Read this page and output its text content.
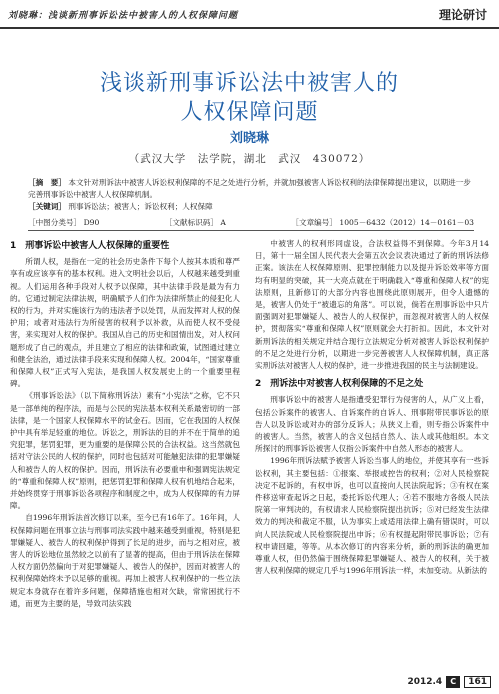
刘晓琳：浅谈新刑事诉讼法中被害人的人权保障问题	理论研讨
浅谈新刑事诉讼法中被害人的
人权保障问题
刘晓琳
（武汉大学　法学院，湖北　武汉　430072）
［摘　要］ 本文针对刑诉法中被害人诉讼权利保障的不足之处进行分析，并就加强被害人诉讼权利的法律保障提出建议，以期进一步完善刑事诉讼中被害人人权保障机制。
［关键词］ 刑事诉讼法；被害人；诉讼权利；人权保障
［中图分类号］ D90	［文献标识码］ A	［文章编号］ 1005－6432（2012）14－0161－03
1　刑事诉讼中被害人人权保障的重要性

所谓人权，是指在一定的社会历史条件下每个人按其本质和尊严享有或应该享有的基本权利。进入文明社会以后，人权越来越受到重视。人们运用各种手段对人权予以保障，其中法律手段是最为有力的。它通过制定法律法规，明确赋予人们作为法律所禁止的侵犯化人权的行为，并对实施该行为的违法者予以处罚，从而发挥对人权的保护用；或者对违法行为所侵害的权利予以补救，从而使人权不受侵害，来实现对人权的保护。我国从自己的历史和国情出发，对人权问题形成了自己的观点，并且建立了相应的法律和政策，试图通过建立和健全法治，通过法律手段来实现和保障人权。2004年，“国家尊重和保障人权”正式写入宪法，是我国人权发展史上的一个重要里程碑。

《刑事诉讼法》（以下简称刑诉法）素有“小宪法”之称，它不只是一部单纯的程序法，而是与公民的宪法基本权利关系最密切的一部法律，是一个国家人权保障水平的试金石。因而，它在我国的人权保护中具有举足轻重的地位。诉讼之，刑诉法的目的并不在于简单的追究犯罪，惩罚犯罪，更为重要的是保障公民的合法权益。这当然就包括对守法公民的人权的保护，同时也包括对可能触犯法律的犯罪嫌疑人和被告人的人权的保护。因而，刑诉法有必要重申和强调宪法规定的“尊重和保障人权”原则，把惩罚犯罪和保障人权有机地结合起来，并始终贯穿于刑事诉讼各项程序和制度之中，成为人权保障的有力屏障。

自1996年刑诉法首次修订以来，至今已有16年了。16年间，人权保障问题在刑事立法与刑事司法实践中越来越受到重视，特别是犯罪嫌疑人、被告人的权利保护得到了长足的进步，而与之相对应，被害人的诉讼地位虽然较之以前有了显著的提高，但由于刑诉法在保障人权方面仍然偏向于对犯罪嫌疑人、被告人的保护，因而对被害人的权利保障始终未予以足够的重视。再加上被害人权利保护的一些立法规定本身就存在着许多问题，保障措施也相对欠缺，常常困扰行不通，而更为主要的是，导致司法实践

中被害人的权利形同虚设，合法权益得不到保障。今年3月14日，第十一届全国人民代表大会第五次会议表决通过了新的刑诉法修正案。该法在人权保障原则、犯罪控制能力以及提升诉讼效率等方面均有明显的突破，其一大亮点就在于明确载入“尊重和保障人权”的宪法原则，且新修订的大部分内容也围绕此原则展开，但令人遗憾的是，被害人仍处于“被遗忘的角落”。可以说，倘若在刑事诉讼中只片面强调对犯罪嫌疑人、被告人的人权保护，而忽视对被害人的人权保护，贯彻落实“尊重和保障人权”原则就会大打折扣。因此，本文针对新刑诉法的相关规定并结合现行立法规定分析对被害人诉讼权利保护的不足之处进行分析，以期进一步完善被害人人权保障机制，真正落实刑诉法对被害人人权的保护，进一步推进我国的民主与法制建设。

2　刑诉法中对被害人权利保障的不足之处

刑事诉讼中的被害人是指遭受犯罪行为侵害的人，从广义上看，包括公诉案件的被害人、自诉案件的自诉人、刑事附带民事诉讼的原告人以及诉讼或对办的部分反诉人；从狭义上看，则专指公诉案件中的被害人。当然，被害人的含义包括自然人、法人或其他组织。本文所探讨的刑事诉讼被害人仅指公诉案件中自然人形态的被害人。

1996年刑诉法赋予被害人诉讼当事人的地位，并使其享有一些诉讼权利，其主要包括：①报案、举报或控告的权利；②对人民检察院决定不起诉的，有权申诉，也可以直接向人民法院起诉；③有权在案件移送审查起诉之日起，委托诉讼代理人；④若不服地方各级人民法院第一审判决的，有权请求人民检察院提出抗诉；⑤对已经发生法律效力的判决和裁定不服，认为事实上或适用法律上确有错误时，可以向人民法院或人民检察院提出申诉；⑥有权提起附带民事诉讼；⑦有权申请回避，等等。从本次修订的内容来分析，新的刑诉法的确更加尊重人权，但仍然偏于围绕保障犯罪嫌疑人、被告人的权利，关于被害人权利保障的规定几乎与1996年刑诉法一样，未加变动。从新法的

2012.4	C	161
